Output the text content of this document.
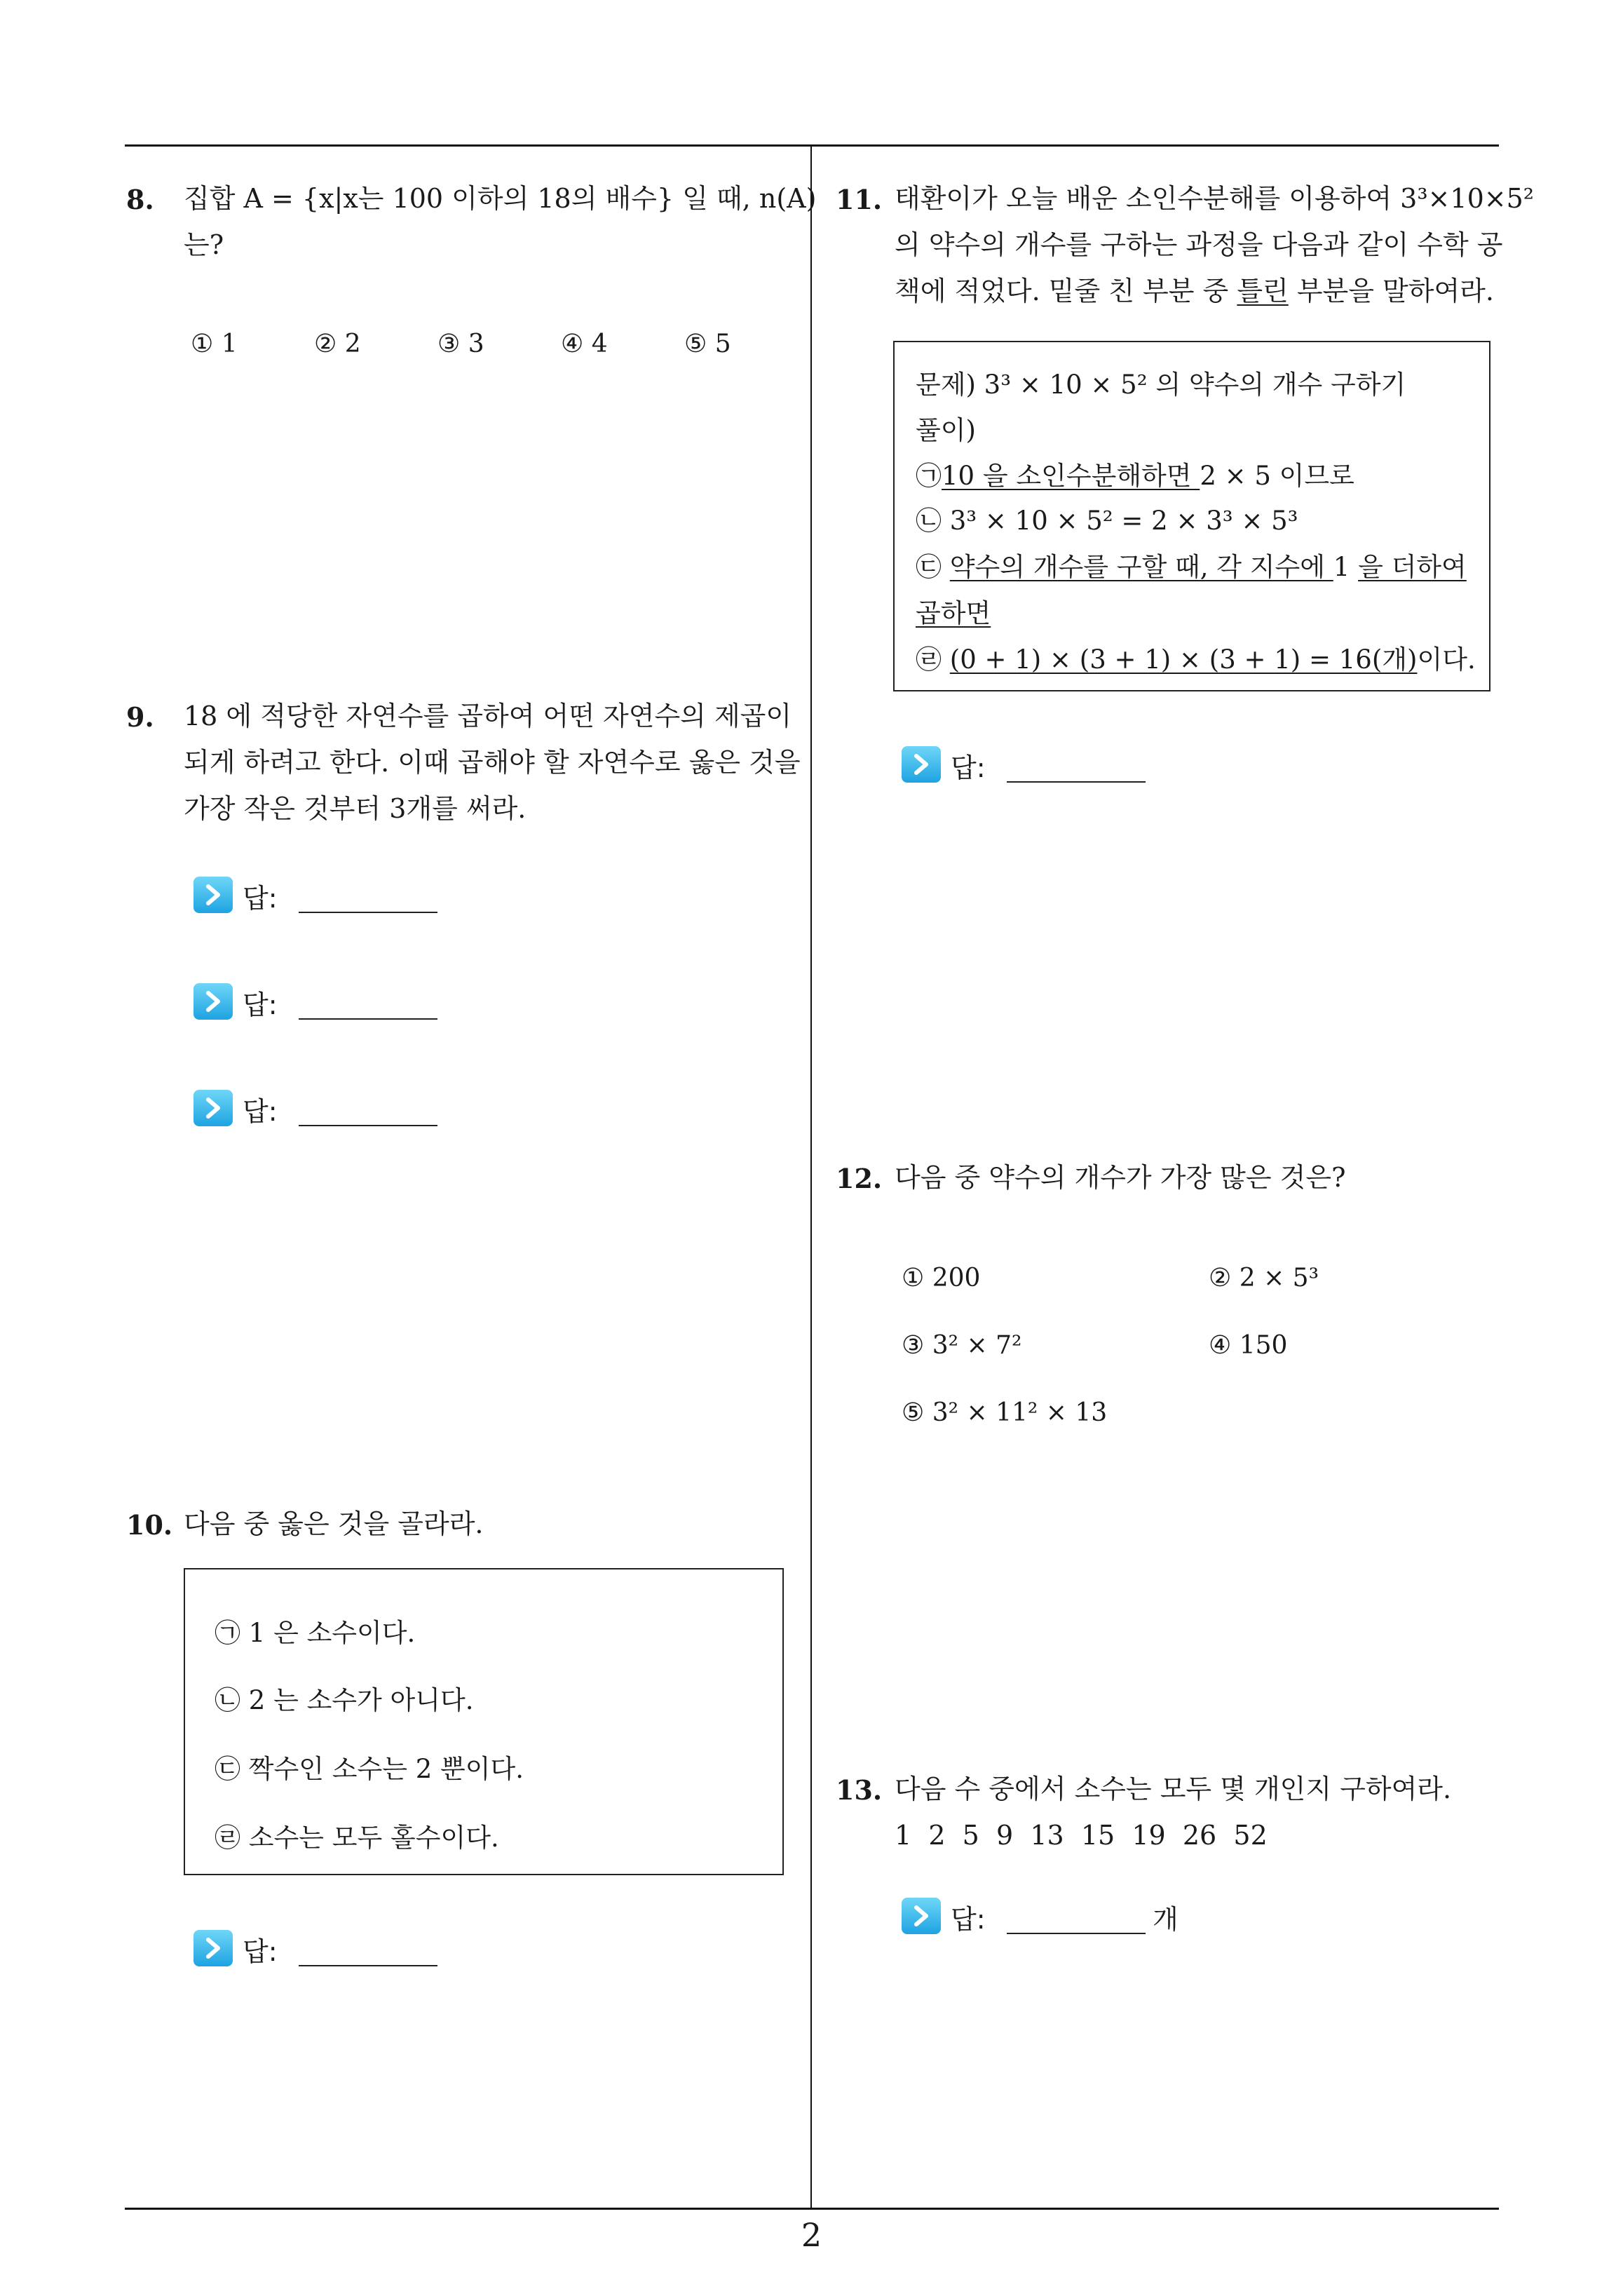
8. 집합 A = {x|x는 100 이하의 18의 배수} 일 때, n(A)
는?
① 1	② 2	③ 3	④ 4	⑤ 5
9. 18 에 적당한 자연수를 곱하여 어떤 자연수의 제곱이
되게 하려고 한다. 이때 곱해야 할 자연수로 옳은 것을
가장 작은 것부터 3개를 써라.
답:
답:
답:
10. 다음 중 옳은 것을 골라라.
㉠ 1 은 소수이다.
㉡ 2 는 소수가 아니다.
㉢ 짝수인 소수는 2 뿐이다.
㉣ 소수는 모두 홀수이다.
답:
11. 태환이가 오늘 배운 소인수분해를 이용하여 3³×10×5²
의 약수의 개수를 구하는 과정을 다음과 같이 수학 공
책에 적었다. 밑줄 친 부분 중 틀린 부분을 말하여라.
문제) 3³ × 10 × 5² 의 약수의 개수 구하기
풀이)
㉠10 을 소인수분해하면 2 × 5 이므로
㉡ 3³ × 10 × 5² = 2 × 3³ × 5³
㉢ 약수의 개수를 구할 때, 각 지수에 1 을 더하여
곱하면
㉣ (0 + 1) × (3 + 1) × (3 + 1) = 16(개)이다.
답:
12. 다음 중 약수의 개수가 가장 많은 것은?
① 200	② 2 × 5³
③ 3² × 7²	④ 150
⑤ 3² × 11² × 13
13. 다음 수 중에서 소수는 모두 몇 개인지 구하여라.
1  2  5  9  13  15  19  26  52
답:	개
2
